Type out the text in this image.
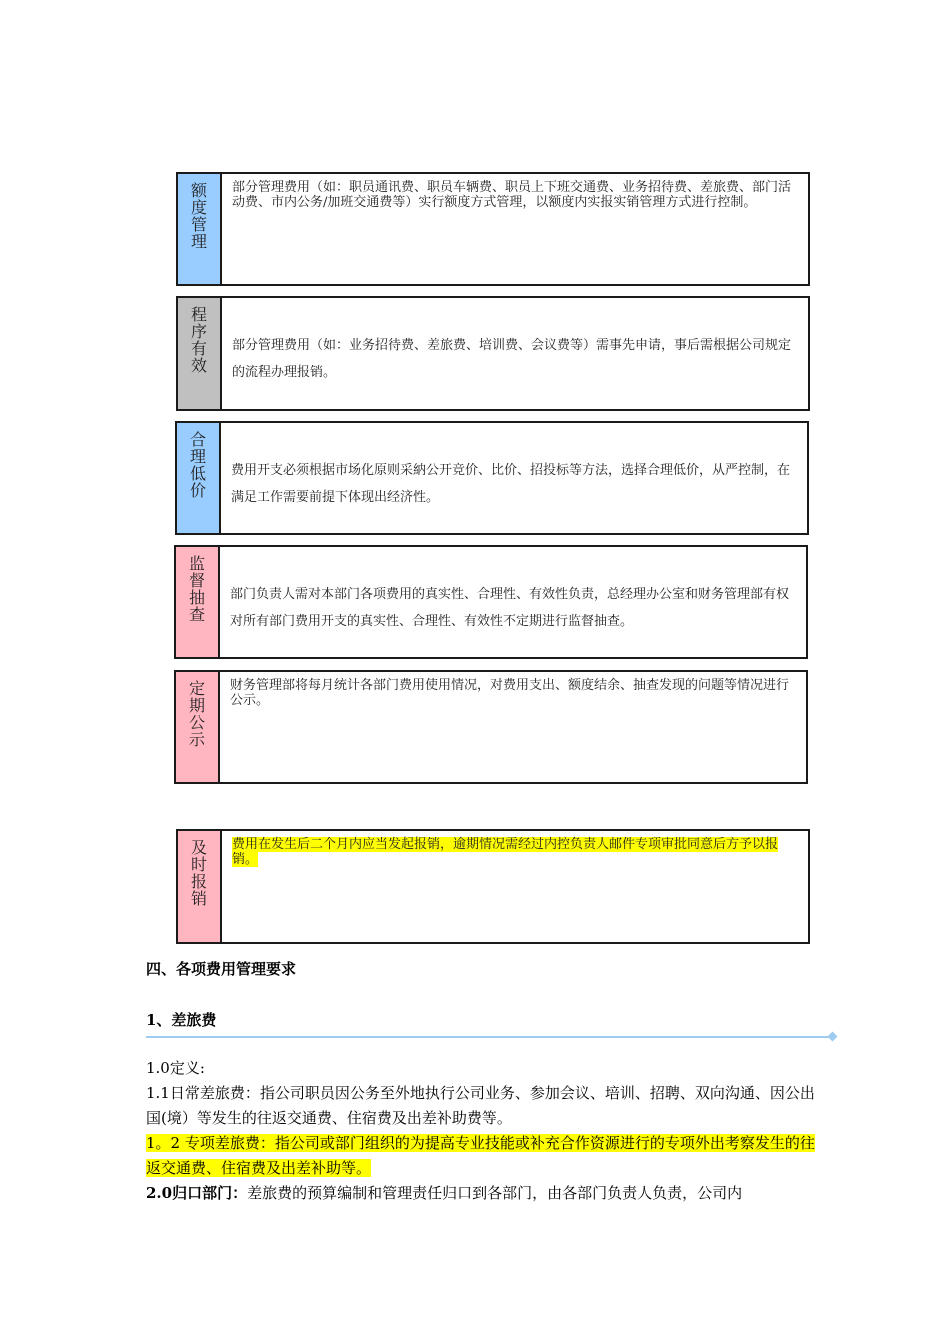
额
度
管
理
部分管理费用（如：职员通讯费、职员车辆费、职员上下班交通费、业务招待费、差旅费、部门活动费、市内公务/加班交通费等）实行额度方式管理，以额度内实报实销管理方式进行控制。
程
序
有
效
部分管理费用（如：业务招待费、差旅费、培训费、会议费等）需事先申请，事后需根据公司规定的流程办理报销。
合
理
低
价
费用开支必须根据市场化原则采納公开竞价、比价、招投标等方法，选择合理低价，从严控制，在满足工作需要前提下体现出经济性。
监
督
抽
查
部门负责人需对本部门各项费用的真实性、合理性、有效性负责，总经理办公室和财务管理部有权对所有部门费用开支的真实性、合理性、有效性不定期进行监督抽查。
定
期
公
示
财务管理部将每月统计各部门费用使用情况，对费用支出、额度结余、抽查发现的问题等情况进行公示。
及
时
报
销
费用在发生后二个月内应当发起报销，逾期情况需经过内控负责人邮件专项审批同意后方予以报销。
四、各项费用管理要求
1、差旅费
1.0定义:
1.1日常差旅费：指公司职员因公务至外地执行公司业务、参加会议、培训、招聘、双向沟通、因公出国(境）等发生的往返交通费、住宿费及出差补助费等。
1。2 专项差旅费：指公司或部门组织的为提高专业技能或补充合作资源进行的专项外出考察发生的往返交通费、住宿费及出差补助等。
2.0归口部门：差旅费的预算编制和管理责任归口到各部门，由各部门负责人负责，公司内
